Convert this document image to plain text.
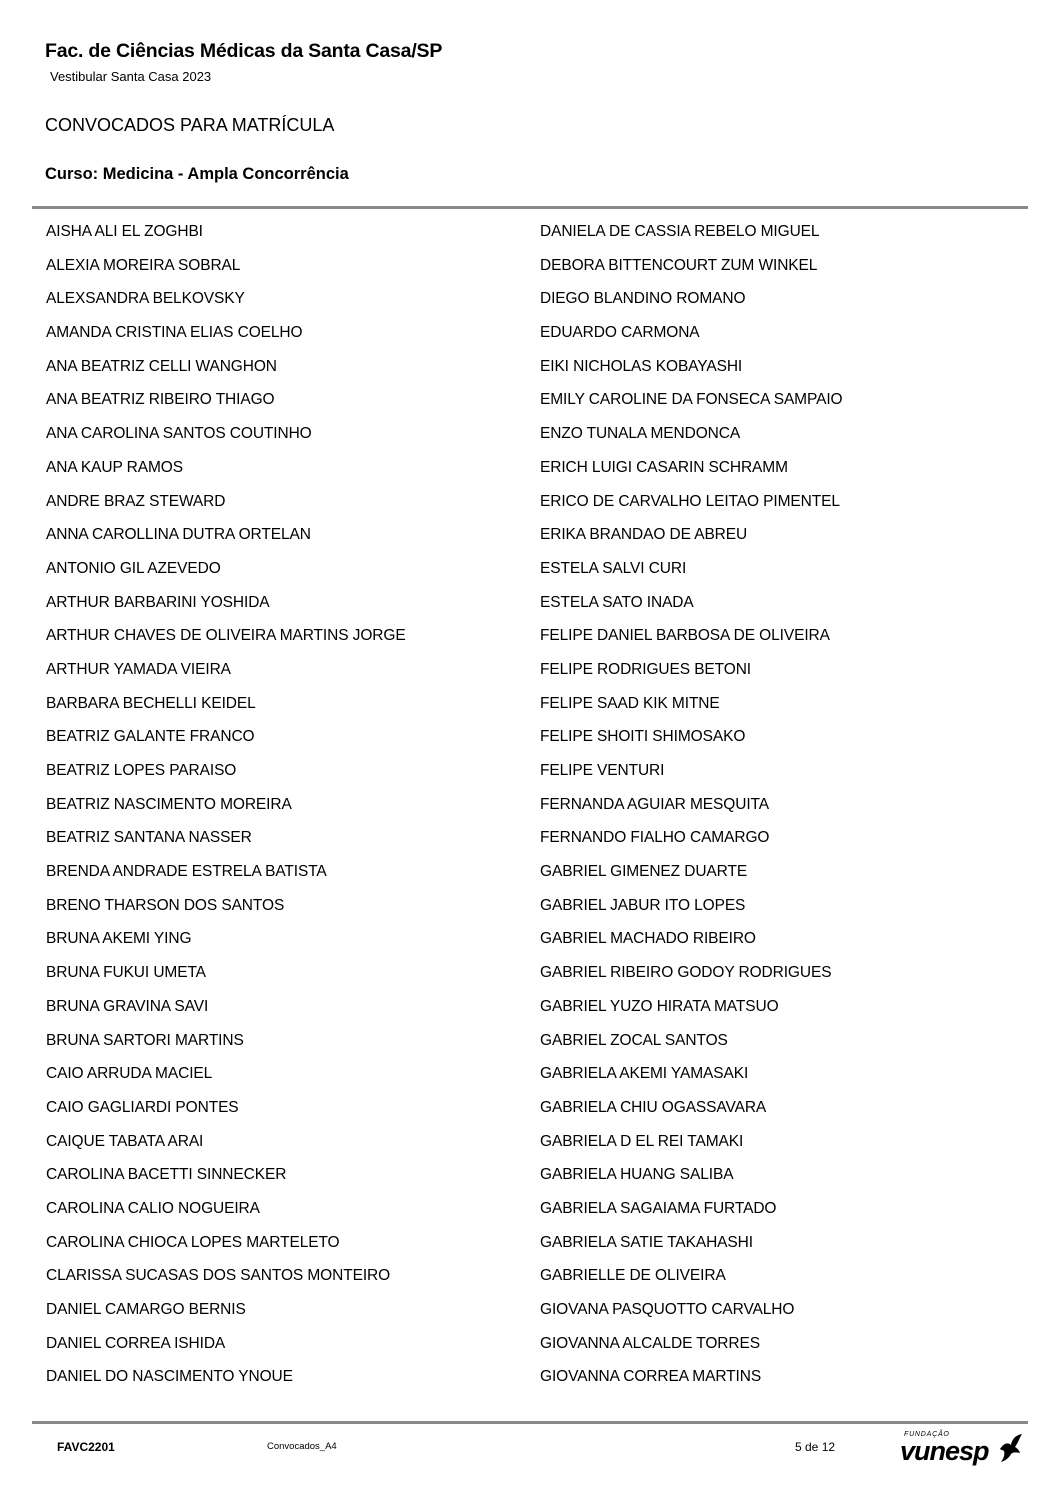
Fac. de Ciências Médicas da Santa Casa/SP
Vestibular Santa Casa 2023
CONVOCADOS PARA MATRÍCULA
Curso: Medicina - Ampla Concorrência
AISHA ALI EL ZOGHBI
ALEXIA MOREIRA SOBRAL
ALEXSANDRA BELKOVSKY
AMANDA CRISTINA ELIAS COELHO
ANA BEATRIZ CELLI WANGHON
ANA BEATRIZ RIBEIRO THIAGO
ANA CAROLINA SANTOS COUTINHO
ANA KAUP RAMOS
ANDRE BRAZ STEWARD
ANNA CAROLLINA DUTRA ORTELAN
ANTONIO GIL AZEVEDO
ARTHUR BARBARINI YOSHIDA
ARTHUR CHAVES DE OLIVEIRA MARTINS JORGE
ARTHUR YAMADA VIEIRA
BARBARA BECHELLI KEIDEL
BEATRIZ GALANTE FRANCO
BEATRIZ LOPES PARAISO
BEATRIZ NASCIMENTO MOREIRA
BEATRIZ SANTANA NASSER
BRENDA ANDRADE ESTRELA BATISTA
BRENO THARSON DOS SANTOS
BRUNA AKEMI YING
BRUNA FUKUI UMETA
BRUNA GRAVINA SAVI
BRUNA SARTORI MARTINS
CAIO ARRUDA MACIEL
CAIO GAGLIARDI PONTES
CAIQUE TABATA ARAI
CAROLINA BACETTI SINNECKER
CAROLINA CALIO NOGUEIRA
CAROLINA CHIOCA LOPES MARTELETO
CLARISSA SUCASAS DOS SANTOS MONTEIRO
DANIEL CAMARGO BERNIS
DANIEL CORREA ISHIDA
DANIEL DO NASCIMENTO YNOUE
DANIELA DE CASSIA REBELO MIGUEL
DEBORA BITTENCOURT ZUM WINKEL
DIEGO BLANDINO ROMANO
EDUARDO CARMONA
EIKI NICHOLAS KOBAYASHI
EMILY CAROLINE DA FONSECA SAMPAIO
ENZO TUNALA MENDONCA
ERICH LUIGI CASARIN SCHRAMM
ERICO DE CARVALHO LEITAO PIMENTEL
ERIKA BRANDAO DE ABREU
ESTELA SALVI CURI
ESTELA SATO INADA
FELIPE DANIEL BARBOSA DE OLIVEIRA
FELIPE RODRIGUES BETONI
FELIPE SAAD KIK MITNE
FELIPE SHOITI SHIMOSAKO
FELIPE VENTURI
FERNANDA AGUIAR MESQUITA
FERNANDO FIALHO CAMARGO
GABRIEL GIMENEZ DUARTE
GABRIEL JABUR ITO LOPES
GABRIEL MACHADO RIBEIRO
GABRIEL RIBEIRO GODOY RODRIGUES
GABRIEL YUZO HIRATA MATSUO
GABRIEL ZOCAL SANTOS
GABRIELA AKEMI YAMASAKI
GABRIELA CHIU OGASSAVARA
GABRIELA D EL REI TAMAKI
GABRIELA HUANG SALIBA
GABRIELA SAGAIAMA FURTADO
GABRIELA SATIE TAKAHASHI
GABRIELLE DE OLIVEIRA
GIOVANA PASQUOTTO CARVALHO
GIOVANNA ALCALDE TORRES
GIOVANNA CORREA MARTINS
FAVC2201	Convocados_A4	5 de 12
FUNDAÇÃO
vunesp
